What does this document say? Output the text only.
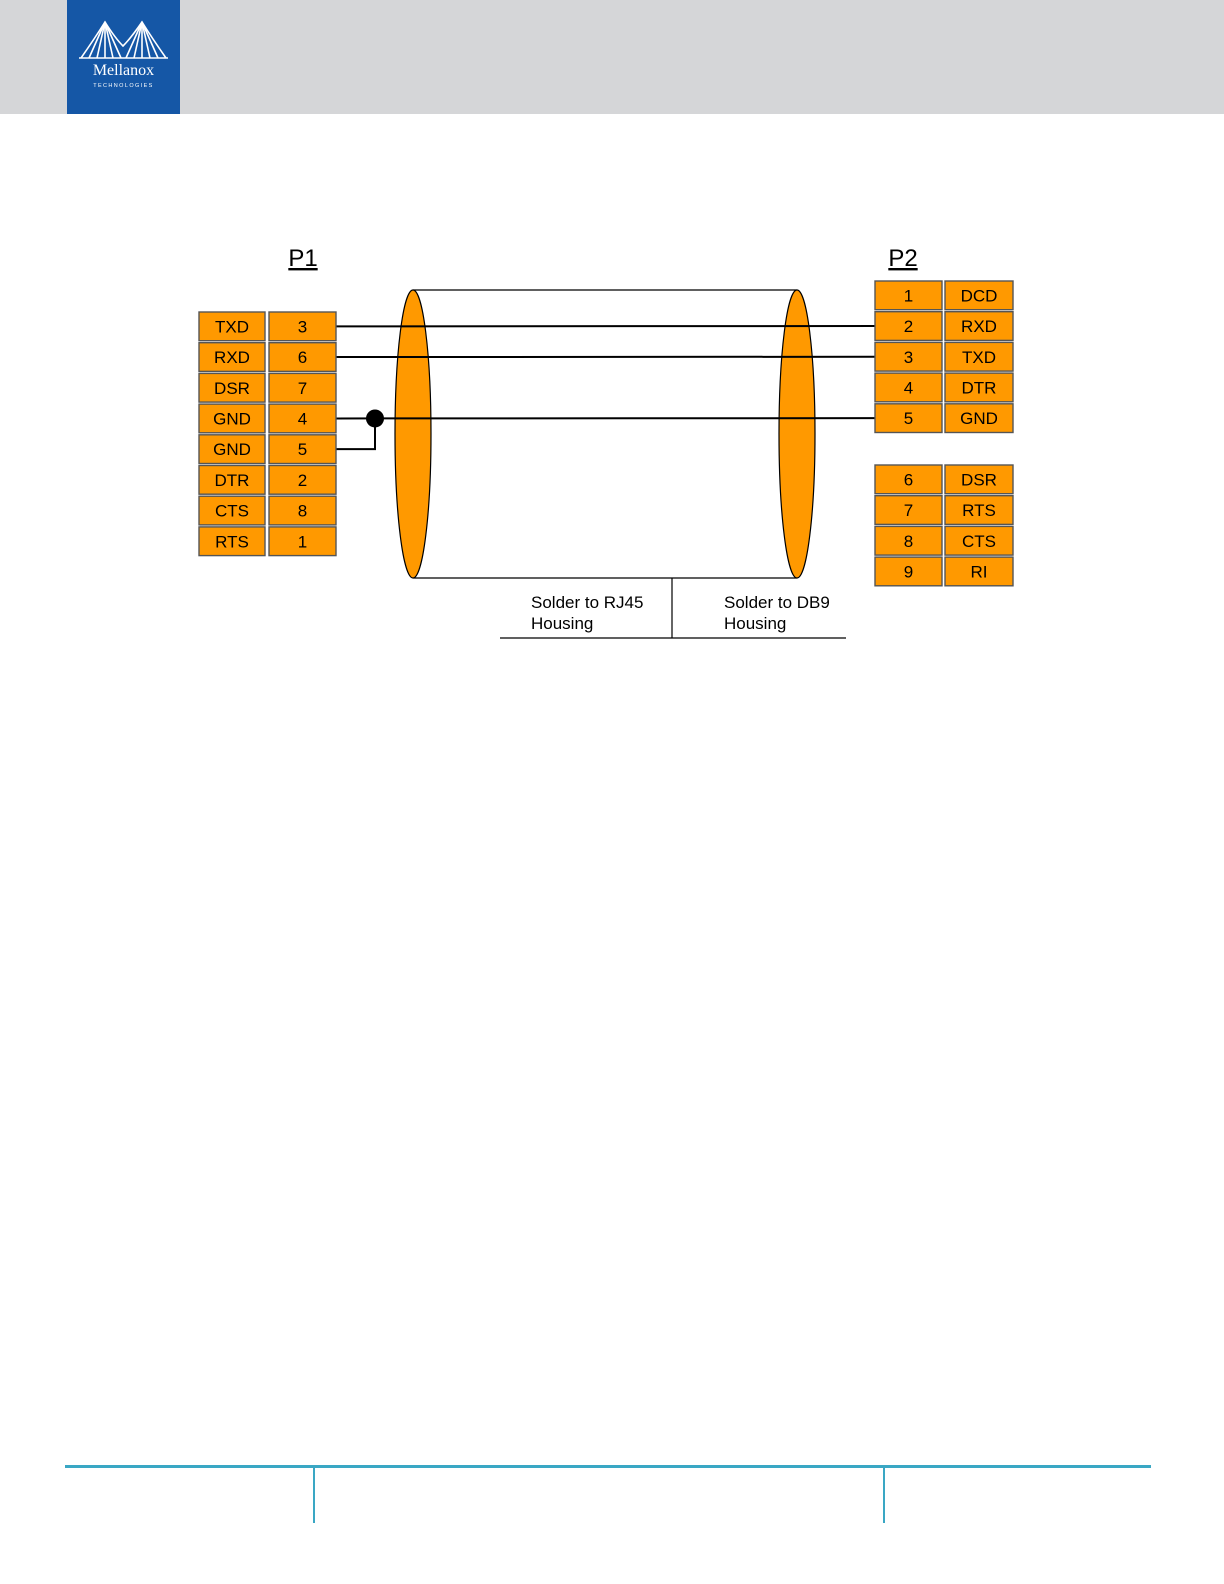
Mellanox
TECHNOLOGIES
P1
TXD	3
RXD	6
DSR	7
GND	4
GND	5
DTR	2
CTS	8
RTS	1
P2
1	DCD
2	RXD
3	TXD
4	DTR
5	GND
6	DSR
7	RTS
8	CTS
9	RI
Solder to RJ45
Housing
Solder to DB9
Housing
